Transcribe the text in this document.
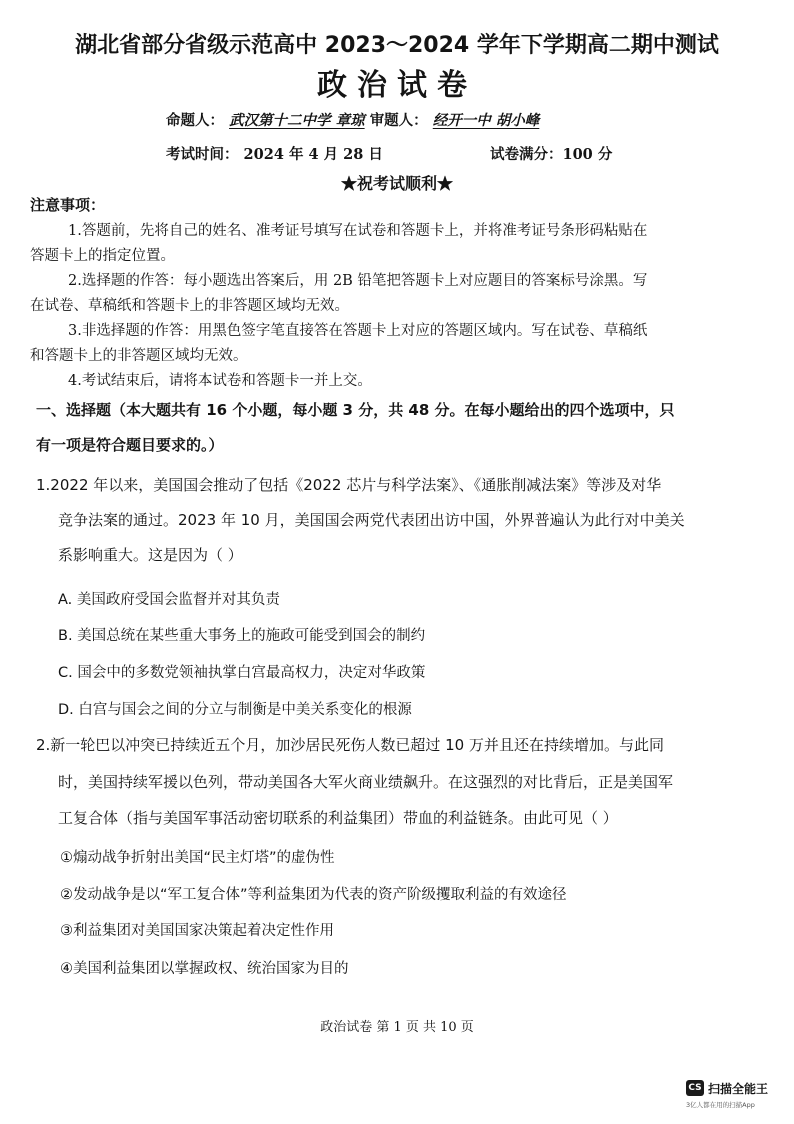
湖北省部分省级示范高中 2023～2024 学年下学期高二期中测试
政治试卷
命题人： 武汉第十二中学 章琼 审题人： 经开一中 胡小峰
考试时间： 2024 年 4 月 28 日	试卷满分：100 分
★祝考试顺利★
注意事项：
1.答题前，先将自己的姓名、准考证号填写在试卷和答题卡上，并将准考证号条形码粘贴在
答题卡上的指定位置。
2.选择题的作答：每小题选出答案后，用 2B 铅笔把答题卡上对应题目的答案标号涂黑。写
在试卷、草稿纸和答题卡上的非答题区域均无效。
3.非选择题的作答：用黑色签字笔直接答在答题卡上对应的答题区域内。写在试卷、草稿纸
和答题卡上的非答题区域均无效。
4.考试结束后，请将本试卷和答题卡一并上交。
一、选择题（本大题共有 16 个小题，每小题 3 分，共 48 分。在每小题给出的四个选项中，只
有一项是符合题目要求的。）
1.2022 年以来，美国国会推动了包括《2022 芯片与科学法案》、《通胀削减法案》等涉及对华
竞争法案的通过。2023 年 10 月，美国国会两党代表团出访中国，外界普遍认为此行对中美关
系影响重大。这是因为（ ）
A. 美国政府受国会监督并对其负责
B. 美国总统在某些重大事务上的施政可能受到国会的制约
C. 国会中的多数党领袖执掌白宫最高权力，决定对华政策
D. 白宫与国会之间的分立与制衡是中美关系变化的根源
2.新一轮巴以冲突已持续近五个月，加沙居民死伤人数已超过 10 万并且还在持续增加。与此同
时，美国持续军援以色列，带动美国各大军火商业绩飙升。在这强烈的对比背后，正是美国军
工复合体（指与美国军事活动密切联系的利益集团）带血的利益链条。由此可见（ ）
①煽动战争折射出美国“民主灯塔”的虚伪性
②发动战争是以“军工复合体”等利益集团为代表的资产阶级攫取利益的有效途径
③利益集团对美国国家决策起着决定性作用
④美国利益集团以掌握政权、统治国家为目的
政治试卷 第 1 页 共 10 页
CS 扫描全能王
3亿人都在用的扫描App
